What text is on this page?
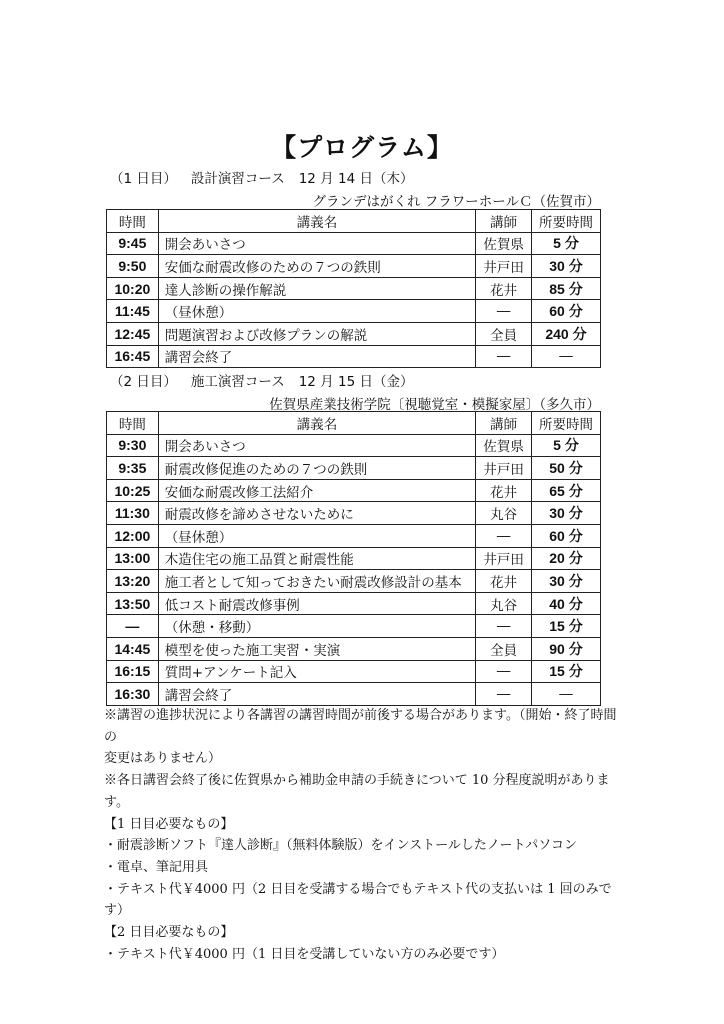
【プログラム】
（1 日目） 設計演習コース 12 月 14 日（木）
グランデはがくれ フラワーホールＣ（佐賀市）
時間	講義名	講師	所要時間
9:45	開会あいさつ	佐賀県	5 分
9:50	安価な耐震改修のための７つの鉄則	井戸田	30 分
10:20	達人診断の操作解説	花井	85 分
11:45	（昼休憩）	―	60 分
12:45	問題演習および改修プランの解説	全員	240 分
16:45	講習会終了	―	―
（2 日目） 施工演習コース 12 月 15 日（金）
佐賀県産業技術学院〔視聴覚室・模擬家屋〕（多久市）
時間	講義名	講師	所要時間
9:30	開会あいさつ	佐賀県	5 分
9:35	耐震改修促進のための７つの鉄則	井戸田	50 分
10:25	安価な耐震改修工法紹介	花井	65 分
11:30	耐震改修を諦めさせないために	丸谷	30 分
12:00	（昼休憩）	―	60 分
13:00	木造住宅の施工品質と耐震性能	井戸田	20 分
13:20	施工者として知っておきたい耐震改修設計の基本	花井	30 分
13:50	低コスト耐震改修事例	丸谷	40 分
―	（休憩・移動）	―	15 分
14:45	模型を使った施工実習・実演	全員	90 分
16:15	質問+アンケート記入	―	15 分
16:30	講習会終了	―	―

※講習の進捗状況により各講習の講習時間が前後する場合があります。（開始・終了時間の

変更はありません）

※各日講習会終了後に佐賀県から補助金申請の手続きについて 10 分程度説明があります。

【1 日目必要なもの】

・耐震診断ソフト『達人診断』（無料体験版）をインストールしたノートパソコン

・電卓、筆記用具

・テキスト代￥4000 円（2 日目を受講する場合でもテキスト代の支払いは 1 回のみです）

【2 日目必要なもの】

・テキスト代￥4000 円（1 日目を受講していない方のみ必要です）
